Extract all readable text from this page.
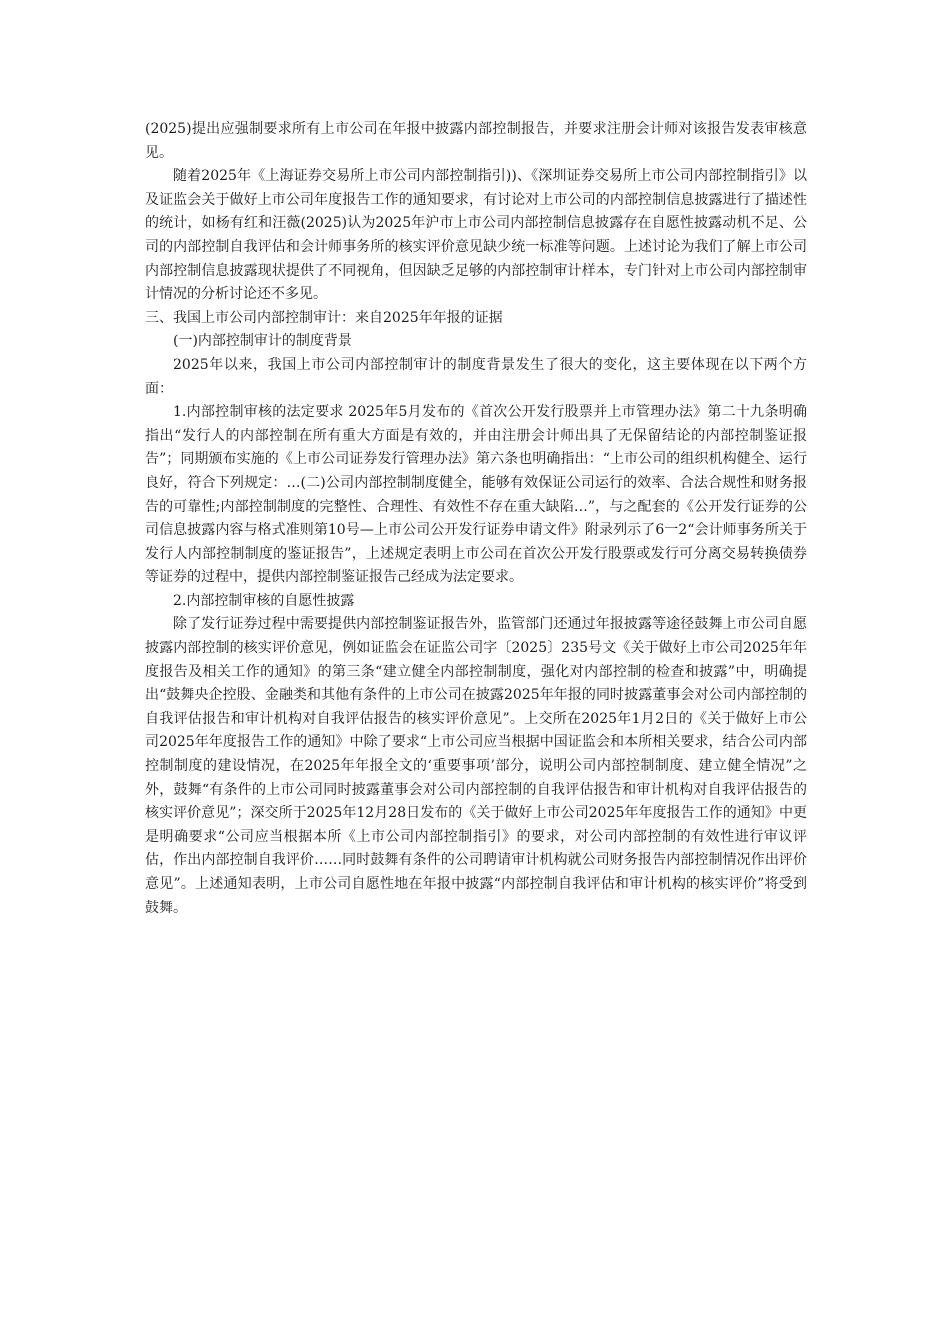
(2025)提出应强制要求所有上市公司在年报中披露内部控制报告，并要求注册会计师对该报告发表审核意见。

随着2025年《上海证券交易所上市公司内部控制指引))、《深圳证券交易所上市公司内部控制指引》以及证监会关于做好上市公司年度报告工作的通知要求，有讨论对上市公司的内部控制信息披露进行了描述性的统计，如杨有红和汪薇(2025)认为2025年沪市上市公司内部控制信息披露存在自愿性披露动机不足、公司的内部控制自我评估和会计师事务所的核实评价意见缺少统一标准等问题。上述讨论为我们了解上市公司内部控制信息披露现状提供了不同视角，但因缺乏足够的内部控制审计样本，专门针对上市公司内部控制审计情况的分析讨论还不多见。

三、我国上市公司内部控制审计：来自2025年年报的证据

(一)内部控制审计的制度背景

2025年以来，我国上市公司内部控制审计的制度背景发生了很大的变化，这主要体现在以下两个方面：

1.内部控制审核的法定要求 2025年5月发布的《首次公开发行股票并上市管理办法》第二十九条明确指出“发行人的内部控制在所有重大方面是有效的，并由注册会计师出具了无保留结论的内部控制鉴证报告”；同期颁布实施的《上市公司证券发行管理办法》第六条也明确指出：“上市公司的组织机构健全、运行良好，符合下列规定：…(二)公司内部控制制度健全，能够有效保证公司运行的效率、合法合规性和财务报告的可靠性;内部控制制度的完整性、合理性、有效性不存在重大缺陷…”，与之配套的《公开发行证券的公司信息披露内容与格式准则第10号—上市公司公开发行证券申请文件》附录列示了6一2“会计师事务所关于发行人内部控制制度的鉴证报告”，上述规定表明上市公司在首次公开发行股票或发行可分离交易转换债券等证券的过程中，提供内部控制鉴证报告己经成为法定要求。

2.内部控制审核的自愿性披露

除了发行证券过程中需要提供内部控制鉴证报告外，监管部门还通过年报披露等途径鼓舞上市公司自愿披露内部控制的核实评价意见，例如证监会在证监公司字〔2025〕235号文《关于做好上市公司2025年年度报告及相关工作的通知》的第三条“建立健全内部控制制度，强化对内部控制的检查和披露”中，明确提出“鼓舞央企控股、金融类和其他有条件的上市公司在披露2025年年报的同时披露董事会对公司内部控制的自我评估报告和审计机构对自我评估报告的核实评价意见”。上交所在2025年1月2日的《关于做好上市公司2025年年度报告工作的通知》中除了要求“上市公司应当根据中国证监会和本所相关要求，结合公司内部控制制度的建设情况，在2025年年报全文的‘重要事项’部分，说明公司内部控制制度、建立健全情况”之外，鼓舞“有条件的上市公司同时披露董事会对公司内部控制的自我评估报告和审计机构对自我评估报告的核实评价意见”；深交所于2025年12月28日发布的《关于做好上市公司2025年年度报告工作的通知》中更是明确要求“公司应当根据本所《上市公司内部控制指引》的要求，对公司内部控制的有效性进行审议评估，作出内部控制自我评价……同时鼓舞有条件的公司聘请审计机构就公司财务报告内部控制情况作出评价意见”。上述通知表明，上市公司自愿性地在年报中披露“内部控制自我评估和审计机构的核实评价”将受到鼓舞。
